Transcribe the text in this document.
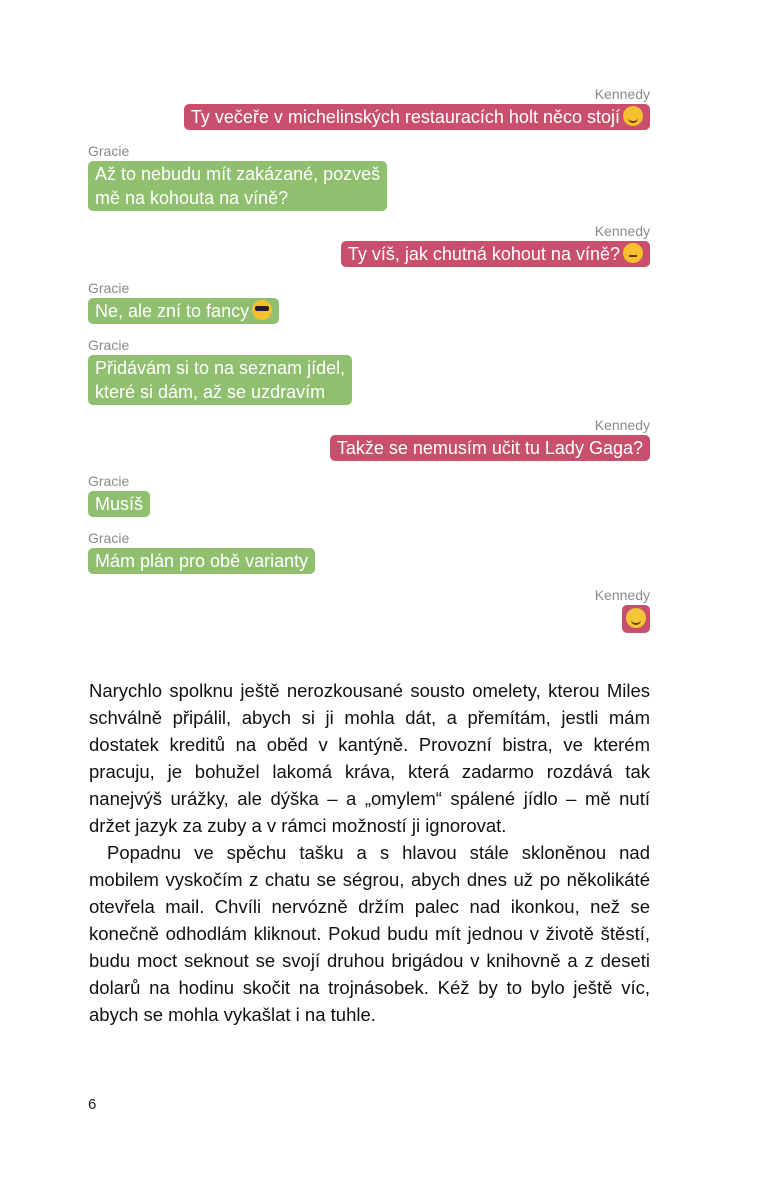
Kennedy
Ty večeře v michelinských restauracích holt něco stojí
Gracie
Až to nebudu mít zakázané, pozveš
mě na kohouta na víně?
Kennedy
Ty víš, jak chutná kohout na víně?
Gracie
Ne, ale zní to fancy
Gracie
Přidávám si to na seznam jídel,
které si dám, až se uzdravím
Kennedy
Takže se nemusím učit tu Lady Gaga?
Gracie
Musíš
Gracie
Mám plán pro obě varianty
Kennedy

Narychlo spolknu ještě nerozkousané sousto omelety, kterou Miles schválně připálil, abych si ji mohla dát, a přemítám, jestli mám dostatek kreditů na oběd v kantýně. Provozní bistra, ve kterém pracuju, je bohužel lakomá kráva, která zadarmo rozdává tak nanejvýš urážky, ale dýška – a „omylem“ spálené jídlo – mě nutí držet jazyk za zuby a v rámci možností ji ignorovat.

Popadnu ve spěchu tašku a s hlavou stále skloněnou nad mobilem vyskočím z chatu se ségrou, abych dnes už po několikáté otevřela mail. Chvíli nervózně držím palec nad ikonkou, než se konečně odhodlám kliknout. Pokud budu mít jednou v životě štěstí, budu moct seknout se svojí druhou brigádou v knihovně a z deseti dolarů na hodinu skočit na trojnásobek. Kéž by to bylo ještě víc, abych se mohla vykašlat i na tuhle.

6
